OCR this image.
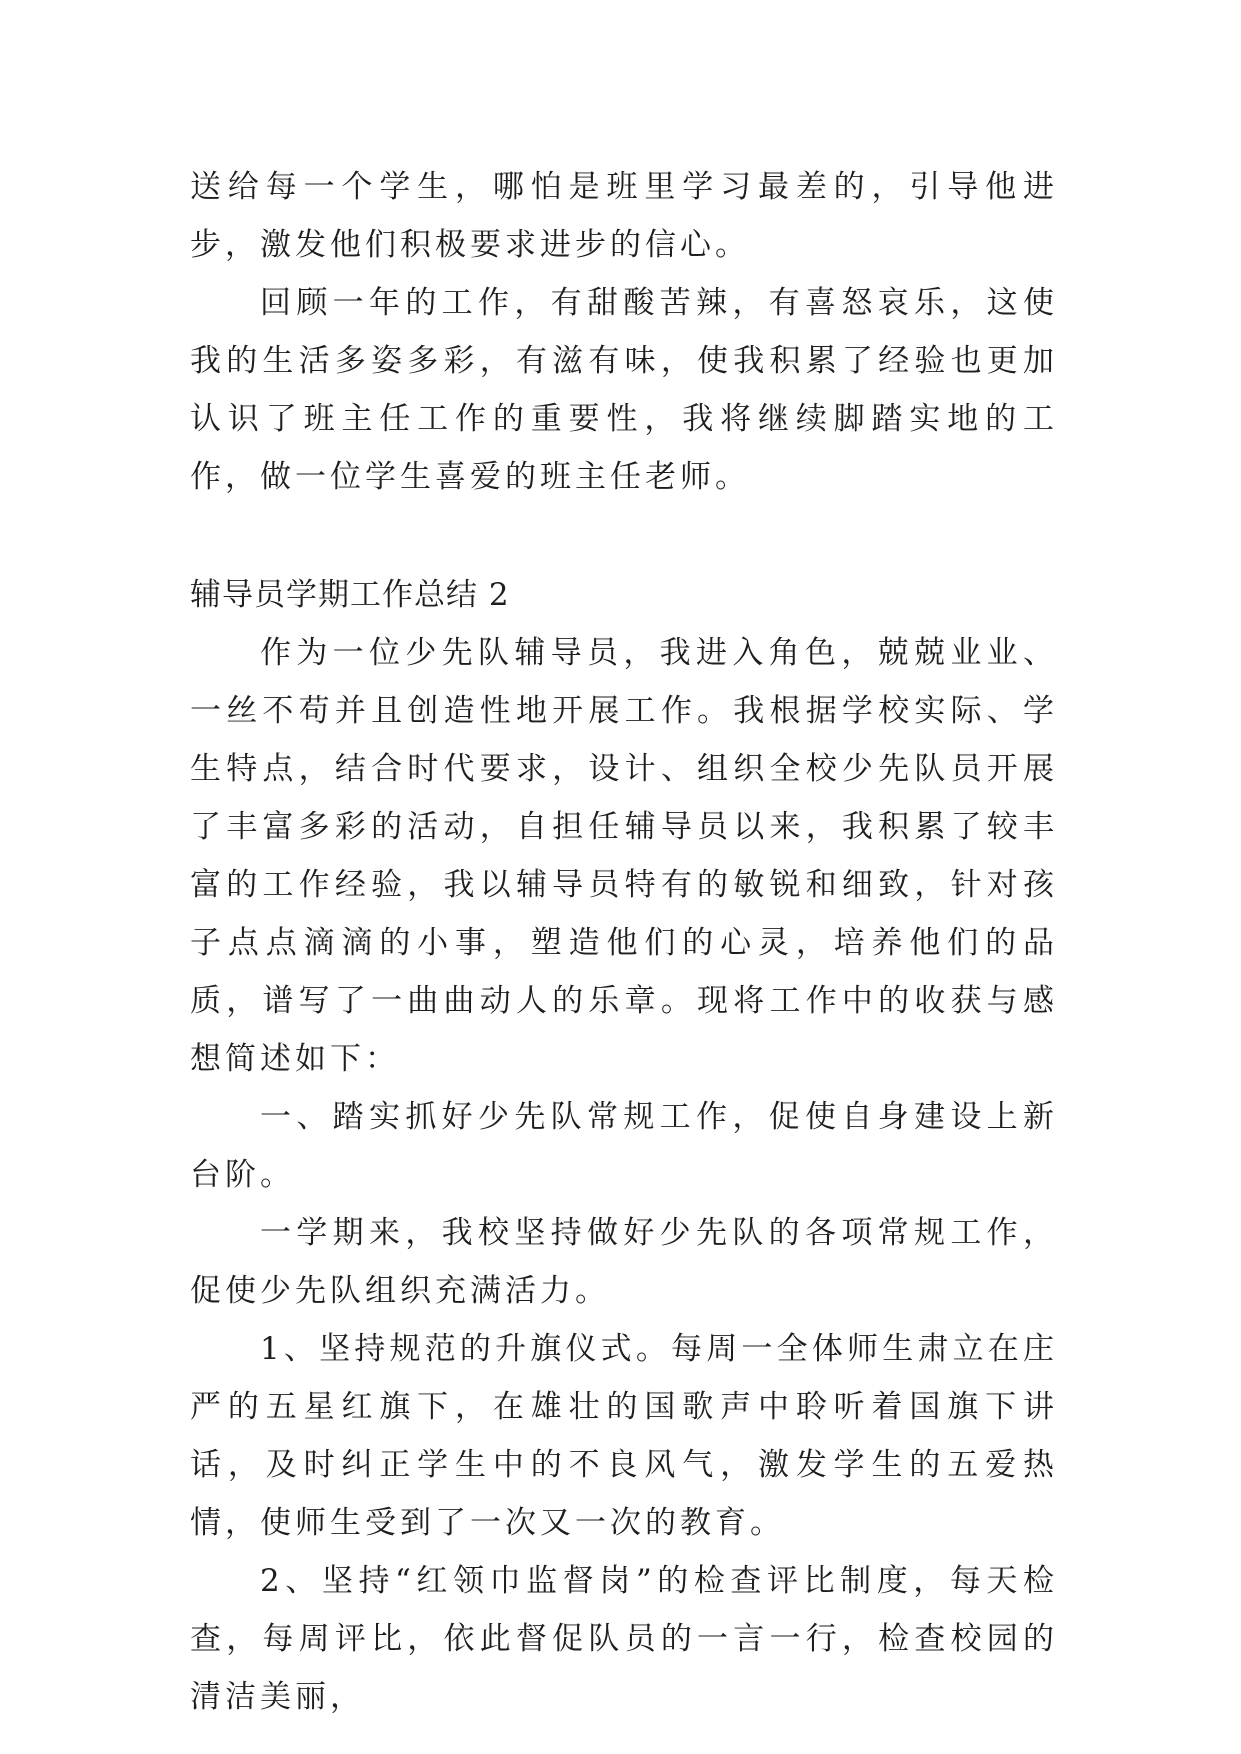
送给每一个学生，哪怕是班里学习最差的，引导他进步，激发他们积极要求进步的信心。

回顾一年的工作，有甜酸苦辣，有喜怒哀乐，这使我的生活多姿多彩，有滋有味，使我积累了经验也更加认识了班主任工作的重要性，我将继续脚踏实地的工作，做一位学生喜爱的班主任老师。

辅导员学期工作总结 2

作为一位少先队辅导员，我进入角色，兢兢业业、一丝不苟并且创造性地开展工作。我根据学校实际、学生特点，结合时代要求，设计、组织全校少先队员开展了丰富多彩的活动，自担任辅导员以来，我积累了较丰富的工作经验，我以辅导员特有的敏锐和细致，针对孩子点点滴滴的小事，塑造他们的心灵，培养他们的品质，谱写了一曲曲动人的乐章。现将工作中的收获与感想简述如下：

一、踏实抓好少先队常规工作，促使自身建设上新台阶。

一学期来，我校坚持做好少先队的各项常规工作，促使少先队组织充满活力。

1、坚持规范的升旗仪式。每周一全体师生肃立在庄严的五星红旗下，在雄壮的国歌声中聆听着国旗下讲话，及时纠正学生中的不良风气，激发学生的五爱热情，使师生受到了一次又一次的教育。

2、坚持“红领巾监督岗”的检查评比制度，每天检查，每周评比，依此督促队员的一言一行，检查校园的清洁美丽，
